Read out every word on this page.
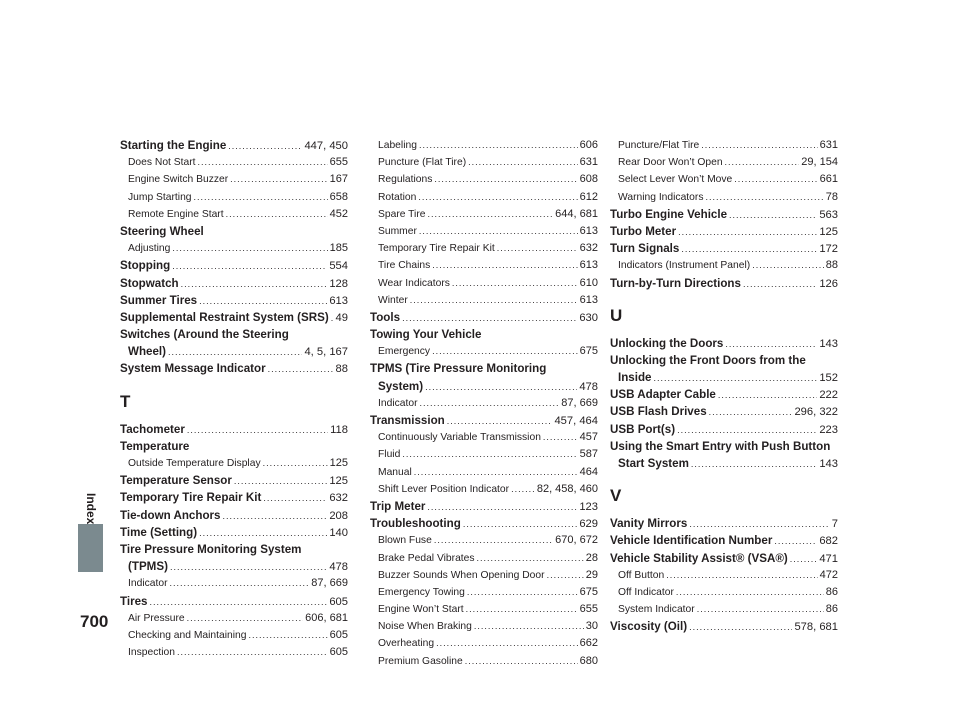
Index
Starting the Engine .....	447, 450
Does Not Start .....	655
Engine Switch Buzzer .....	167
Jump Starting .....	658
Remote Engine Start .....	452
Steering Wheel
Adjusting .....	185
Stopping .....	554
Stopwatch .....	128
Summer Tires .....	613
Supplemental Restraint System (SRS) ..... 49
Switches (Around the Steering
Wheel) .....	4, 5, 167
System Message Indicator .....	88
T
Tachometer .....	118
Temperature
Outside Temperature Display .....	125
Temperature Sensor .....	125
Temporary Tire Repair Kit .....	632
Tie-down Anchors .....	208
Time (Setting) .....	140
Tire Pressure Monitoring System
(TPMS) .....	478
Indicator .....	87, 669
Tires .....	605
Air Pressure .....	606, 681
Checking and Maintaining .....	605
Inspection .....	605
Labeling .....	606
Puncture (Flat Tire) .....	631
Regulations .....	608
Rotation .....	612
Spare Tire .....	644, 681
Summer .....	613
Temporary Tire Repair Kit .....	632
Tire Chains .....	613
Wear Indicators .....	610
Winter .....	613
Tools .....	630
Towing Your Vehicle
Emergency .....	675
TPMS (Tire Pressure Monitoring
System) .....	478
Indicator .....	87, 669
Transmission .....	457, 464
Continuously Variable Transmission .....	457
Fluid .....	587
Manual .....	464
Shift Lever Position Indicator .....	82, 458, 460
Trip Meter .....	123
Troubleshooting .....	629
Blown Fuse .....	670, 672
Brake Pedal Vibrates .....	28
Buzzer Sounds When Opening Door .....	29
Emergency Towing .....	675
Engine Won’t Start .....	655
Noise When Braking .....	30
Overheating .....	662
Premium Gasoline .....	680
Puncture/Flat Tire .....	631
Rear Door Won’t Open .....	29, 154
Select Lever Won’t Move .....	661
Warning Indicators .....	78
Turbo Engine Vehicle .....	563
Turbo Meter .....	125
Turn Signals .....	172
Indicators (Instrument Panel) .....	88
Turn-by-Turn Directions .....	126
U
Unlocking the Doors .....	143
Unlocking the Front Doors from the
Inside .....	152
USB Adapter Cable .....	222
USB Flash Drives .....	296, 322
USB Port(s) .....	223
Using the Smart Entry with Push Button
Start System .....	143
V
Vanity Mirrors .....	7
Vehicle Identification Number .....	682
Vehicle Stability Assist® (VSA®) .....	471
Off Button .....	472
Off Indicator .....	86
System Indicator .....	86
Viscosity (Oil) .....	578, 681
700
